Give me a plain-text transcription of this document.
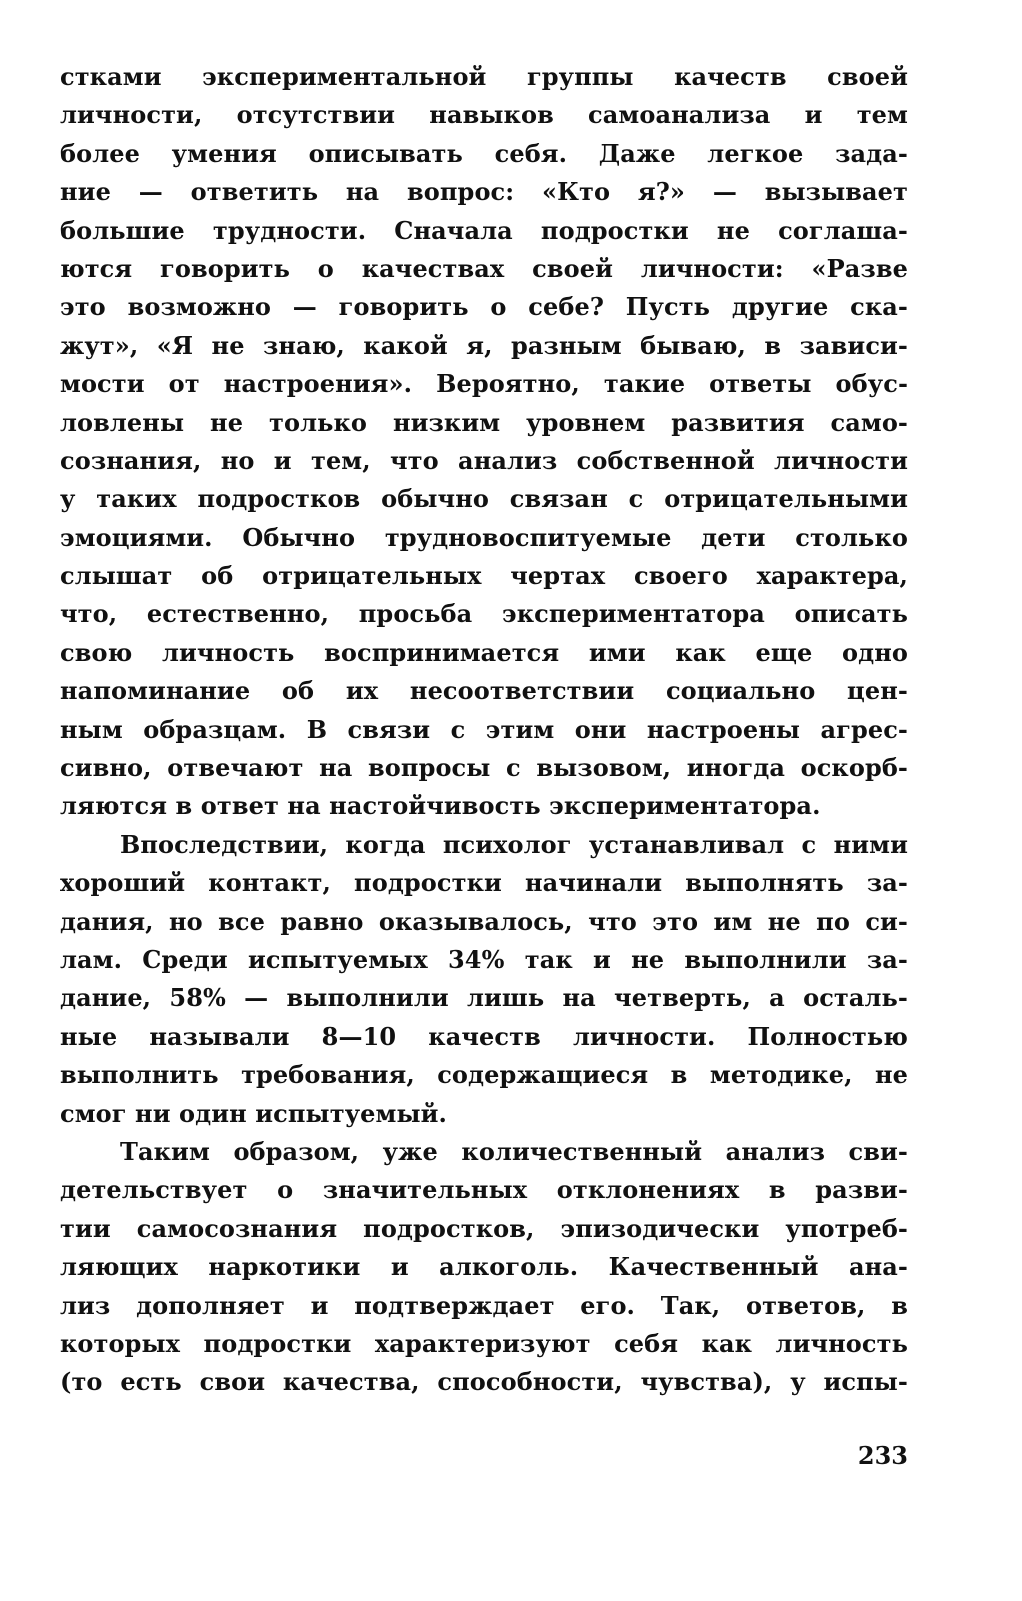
стками экспериментальной группы качеств своей
личности, отсутствии навыков самоанализа и тем
более умения описывать себя. Даже легкое зада-
ние — ответить на вопрос: «Кто я?» — вызывает
большие трудности. Сначала подростки не соглаша-
ются говорить о качествах своей личности: «Разве
это возможно — говорить о себе? Пусть другие ска-
жут», «Я не знаю, какой я, разным бываю, в зависи-
мости от настроения». Вероятно, такие ответы обус-
ловлены не только низким уровнем развития само-
сознания, но и тем, что анализ собственной личности
у таких подростков обычно связан с отрицательными
эмоциями. Обычно трудновоспитуемые дети столько
слышат об отрицательных чертах своего характера,
что, естественно, просьба экспериментатора описать
свою личность воспринимается ими как еще одно
напоминание об их несоответствии социально цен-
ным образцам. В связи с этим они настроены агрес-
сивно, отвечают на вопросы с вызовом, иногда оскорб-
ляются в ответ на настойчивость экспериментатора.
Впоследствии, когда психолог устанавливал с ними
хороший контакт, подростки начинали выполнять за-
дания, но все равно оказывалось, что это им не по си-
лам. Среди испытуемых 34% так и не выполнили за-
дание, 58% — выполнили лишь на четверть, а осталь-
ные называли 8—10 качеств личности. Полностью
выполнить требования, содержащиеся в методике, не
смог ни один испытуемый.
Таким образом, уже количественный анализ сви-
детельствует о значительных отклонениях в разви-
тии самосознания подростков, эпизодически употреб-
ляющих наркотики и алкоголь. Качественный ана-
лиз дополняет и подтверждает его. Так, ответов, в
которых подростки характеризуют себя как личность
(то есть свои качества, способности, чувства), у испы-
233
